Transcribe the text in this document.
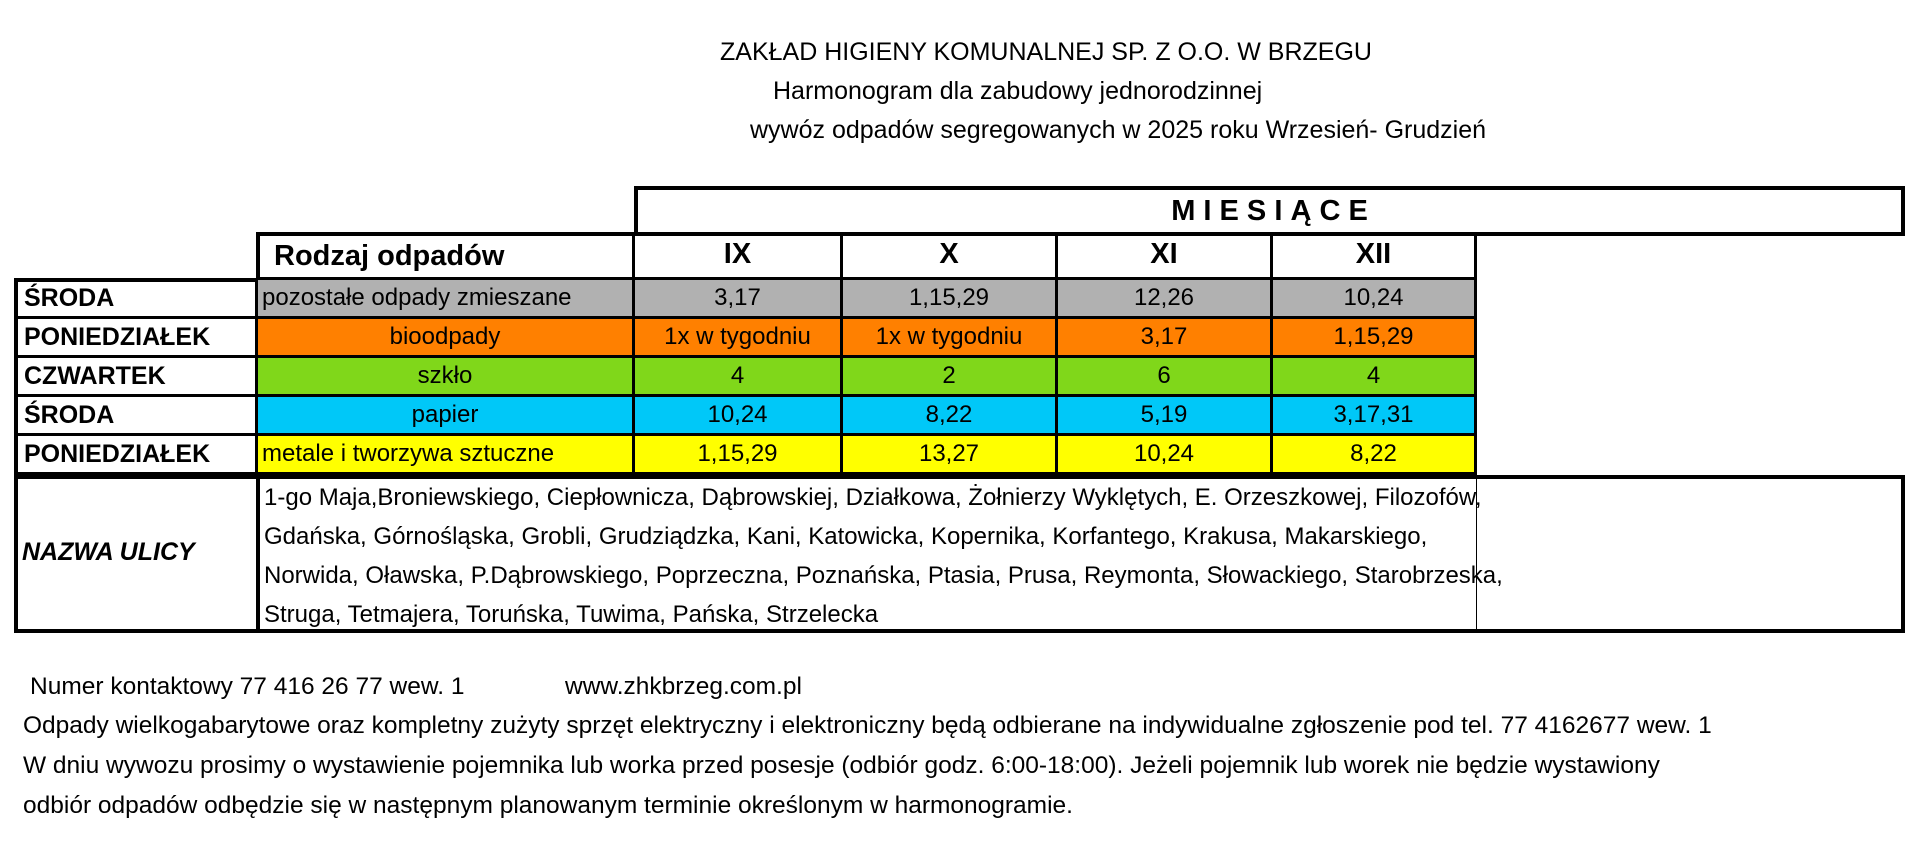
ZAKŁAD HIGIENY KOMUNALNEJ SP. Z O.O. W BRZEGU
Harmonogram dla zabudowy jednorodzinnej
wywóz odpadów segregowanych w 2025 roku Wrzesień- Grudzień
M I E S I Ą C E
Rodzaj odpadów	IX	X	XI	XII
ŚRODA	pozostałe odpady zmieszane	3,17	1,15,29	12,26	10,24
PONIEDZIAŁEK	bioodpady	1x w tygodniu	1x w tygodniu	3,17	1,15,29
CZWARTEK	szkło	4	2	6	4
ŚRODA	papier	10,24	8,22	5,19	3,17,31
PONIEDZIAŁEK	metale i tworzywa sztuczne	1,15,29	13,27	10,24	8,22
NAZWA ULICY
1-go Maja,Broniewskiego, Ciepłownicza, Dąbrowskiej, Działkowa, Żołnierzy Wyklętych, E. Orzeszkowej, Filozofów,
Gdańska, Górnośląska, Grobli, Grudziądzka, Kani, Katowicka, Kopernika, Korfantego, Krakusa, Makarskiego,
Norwida, Oławska, P.Dąbrowskiego, Poprzeczna, Poznańska, Ptasia, Prusa, Reymonta, Słowackiego, Starobrzeska,
Struga, Tetmajera, Toruńska, Tuwima, Pańska, Strzelecka
Numer kontaktowy 77 416 26 77 wew. 1	www.zhkbrzeg.com.pl
Odpady wielkogabarytowe oraz kompletny zużyty sprzęt elektryczny i elektroniczny będą odbierane na indywidualne zgłoszenie pod tel. 77 4162677 wew. 1
W dniu wywozu prosimy o wystawienie pojemnika lub worka przed posesje (odbiór godz. 6:00-18:00). Jeżeli pojemnik lub worek nie będzie wystawiony
odbiór odpadów odbędzie się w następnym planowanym terminie określonym w harmonogramie.
